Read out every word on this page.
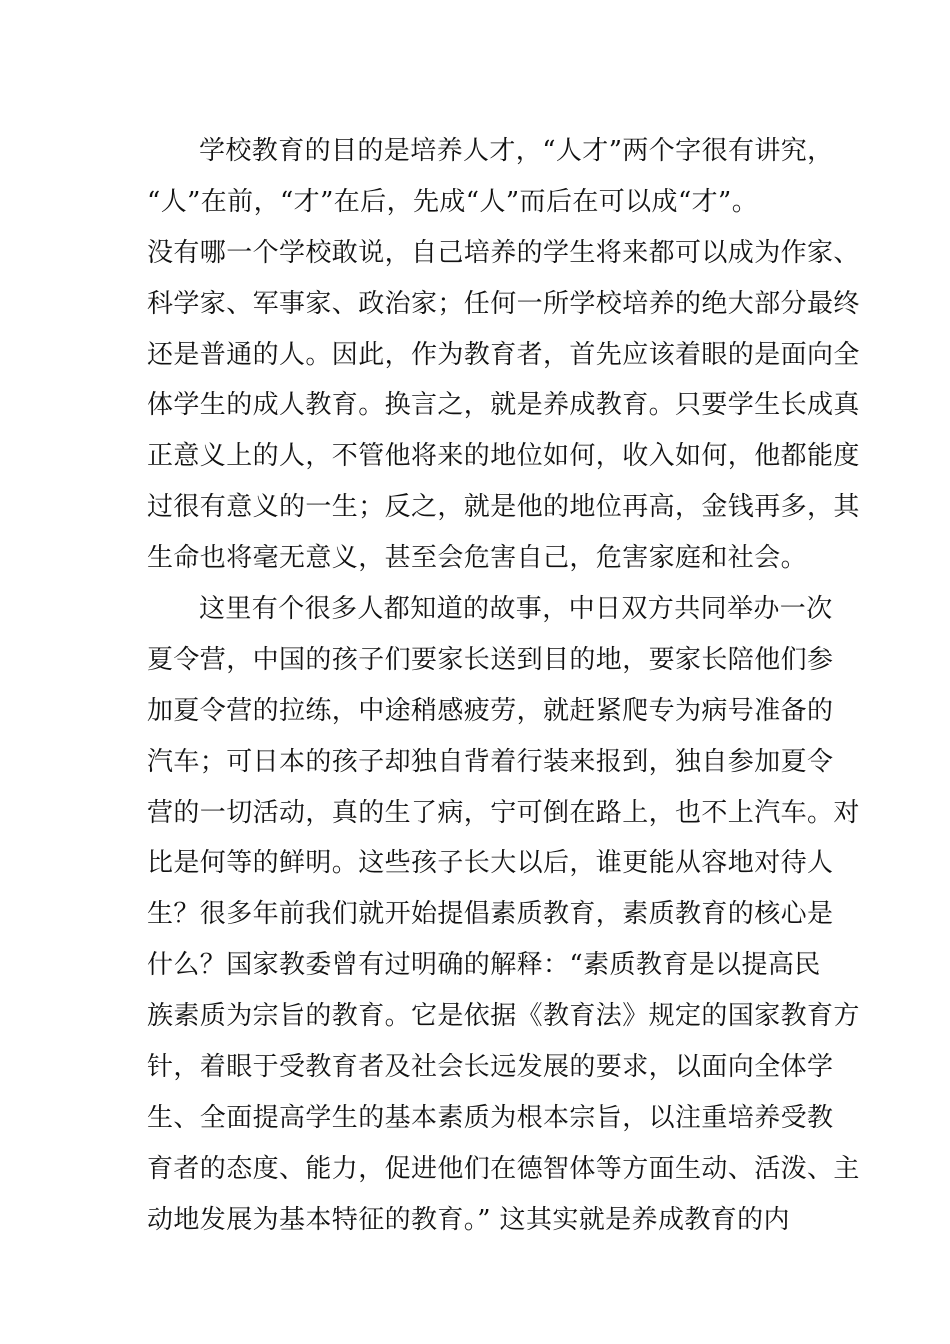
学校教育的目的是培养人才，“人才”两个字很有讲究，
“人”在前，“才”在后，先成“人”而后在可以成“才”。
没有哪一个学校敢说，自己培养的学生将来都可以成为作家、
科学家、军事家、政治家；任何一所学校培养的绝大部分最终
还是普通的人。因此，作为教育者，首先应该着眼的是面向全
体学生的成人教育。换言之，就是养成教育。只要学生长成真
正意义上的人，不管他将来的地位如何，收入如何，他都能度
过很有意义的一生；反之，就是他的地位再高，金钱再多，其
生命也将毫无意义，甚至会危害自己，危害家庭和社会。
这里有个很多人都知道的故事，中日双方共同举办一次
夏令营，中国的孩子们要家长送到目的地，要家长陪他们参
加夏令营的拉练，中途稍感疲劳，就赶紧爬专为病号准备的
汽车；可日本的孩子却独自背着行装来报到，独自参加夏令
营的一切活动，真的生了病，宁可倒在路上，也不上汽车。对
比是何等的鲜明。这些孩子长大以后，谁更能从容地对待人
生？很多年前我们就开始提倡素质教育，素质教育的核心是
什么？国家教委曾有过明确的解释：“素质教育是以提高民
族素质为宗旨的教育。它是依据《教育法》规定的国家教育方
针，着眼于受教育者及社会长远发展的要求，以面向全体学
生、全面提高学生的基本素质为根本宗旨，以注重培养受教
育者的态度、能力，促进他们在德智体等方面生动、活泼、主
动地发展为基本特征的教育。” 这其实就是养成教育的内
